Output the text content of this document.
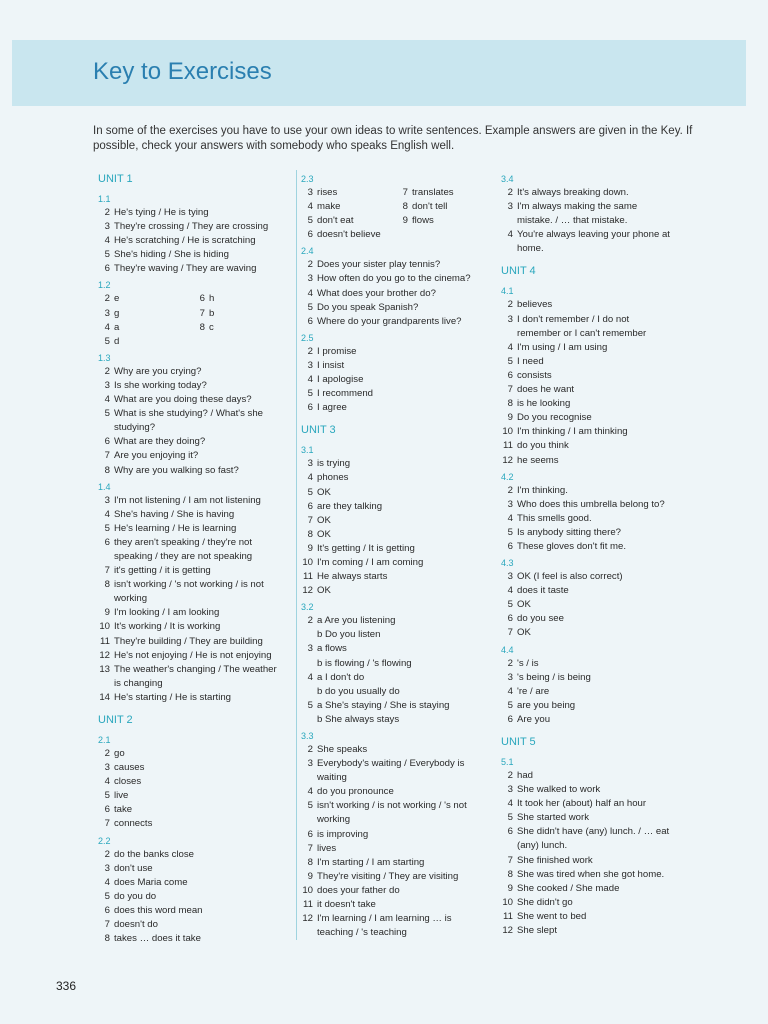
Key to Exercises
In some of the exercises you have to use your own ideas to write sentences. Example answers are given in the Key. If possible, check your answers with somebody who speaks English well.
UNIT 1
1.1
2 He's tying / He is tying
3 They're crossing / They are crossing
4 He's scratching / He is scratching
5 She's hiding / She is hiding
6 They're waving / They are waving
1.2
2 e	6 h
3 g	7 b
4 a	8 c
5 d
1.3
2 Why are you crying?
3 Is she working today?
4 What are you doing these days?
5 What is she studying? / What's she studying?
6 What are they doing?
7 Are you enjoying it?
8 Why are you walking so fast?
1.4
3 I'm not listening / I am not listening
4 She's having / She is having
5 He's learning / He is learning
6 they aren't speaking / they're not speaking / they are not speaking
7 it's getting / it is getting
8 isn't working / 's not working / is not working
9 I'm looking / I am looking
10 It's working / It is working
11 They're building / They are building
12 He's not enjoying / He is not enjoying
13 The weather's changing / The weather is changing
14 He's starting / He is starting
UNIT 2
2.1
2 go
3 causes
4 closes
5 live
6 take
7 connects
2.2
2 do the banks close
3 don't use
4 does Maria come
5 do you do
6 does this word mean
7 doesn't do
8 takes … does it take
2.3
3 rises	7 translates
4 make	8 don't tell
5 don't eat	9 flows
6 doesn't believe
2.4
2 Does your sister play tennis?
3 How often do you go to the cinema?
4 What does your brother do?
5 Do you speak Spanish?
6 Where do your grandparents live?
2.5
2 I promise
3 I insist
4 I apologise
5 I recommend
6 I agree
UNIT 3
3.1
3 is trying
4 phones
5 OK
6 are they talking
7 OK
8 OK
9 It's getting / It is getting
10 I'm coming / I am coming
11 He always starts
12 OK
3.2
2 a Are you listening
b Do you listen
3 a flows
b is flowing / 's flowing
4 a I don't do
b do you usually do
5 a She's staying / She is staying
b She always stays
3.3
2 She speaks
3 Everybody's waiting / Everybody is waiting
4 do you pronounce
5 isn't working / is not working / 's not working
6 is improving
7 lives
8 I'm starting / I am starting
9 They're visiting / They are visiting
10 does your father do
11 it doesn't take
12 I'm learning / I am learning … is teaching / 's teaching
3.4
2 It's always breaking down.
3 I'm always making the same mistake. / … that mistake.
4 You're always leaving your phone at home.
UNIT 4
4.1
2 believes
3 I don't remember / I do not remember or I can't remember
4 I'm using / I am using
5 I need
6 consists
7 does he want
8 is he looking
9 Do you recognise
10 I'm thinking / I am thinking
11 do you think
12 he seems
4.2
2 I'm thinking.
3 Who does this umbrella belong to?
4 This smells good.
5 Is anybody sitting there?
6 These gloves don't fit me.
4.3
3 OK (I feel is also correct)
4 does it taste
5 OK
6 do you see
7 OK
4.4
2 's / is
3 's being / is being
4 're / are
5 are you being
6 Are you
UNIT 5
5.1
2 had
3 She walked to work
4 It took her (about) half an hour
5 She started work
6 She didn't have (any) lunch. / … eat (any) lunch.
7 She finished work
8 She was tired when she got home.
9 She cooked / She made
10 She didn't go
11 She went to bed
12 She slept
336
